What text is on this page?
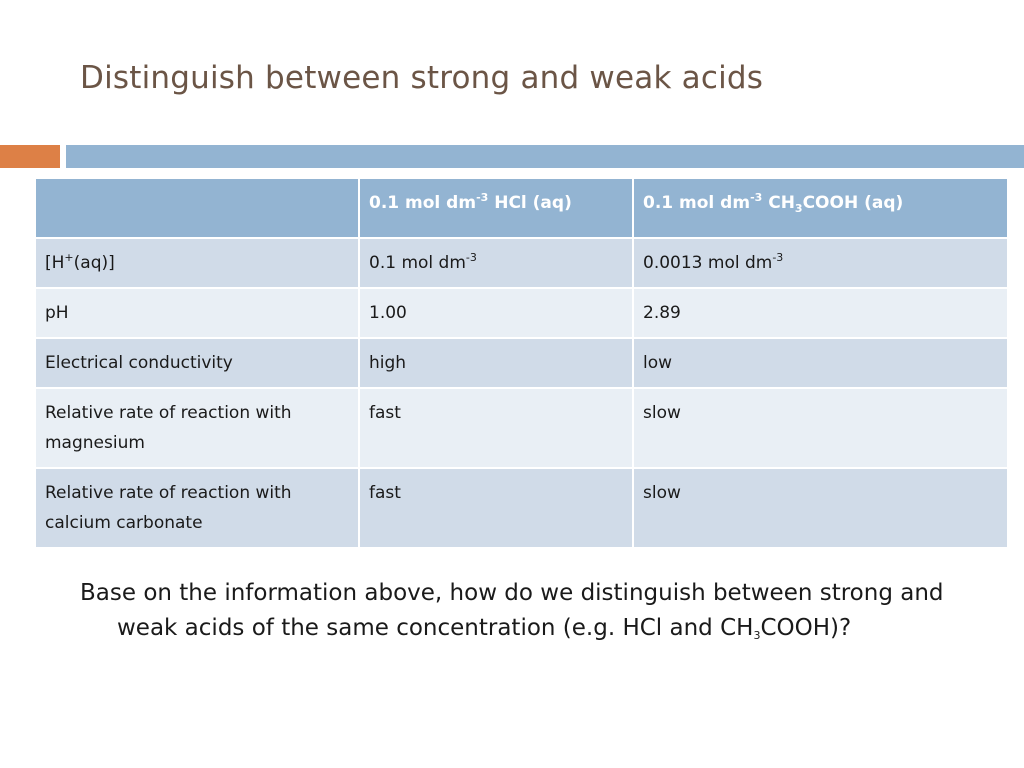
Distinguish between strong and weak acids
	0.1 mol $dm^{-3}$ HCl (aq)	0.1 mol $dm^{-3}$ $CH_3COOH$ (aq)
[H+(aq)]	0.1 mol $dm^{-3}$	0.0013 mol $dm^{-3}$
pH	1.00	2.89
Electrical conductivity	high	low
Relative rate of reaction with magnesium	fast	slow
Relative rate of reaction with calcium carbonate	fast	slow
Base on the information above, how do we distinguish between strong and weak acids of the same concentration (e.g. HCl and $CH_3COOH$)?
